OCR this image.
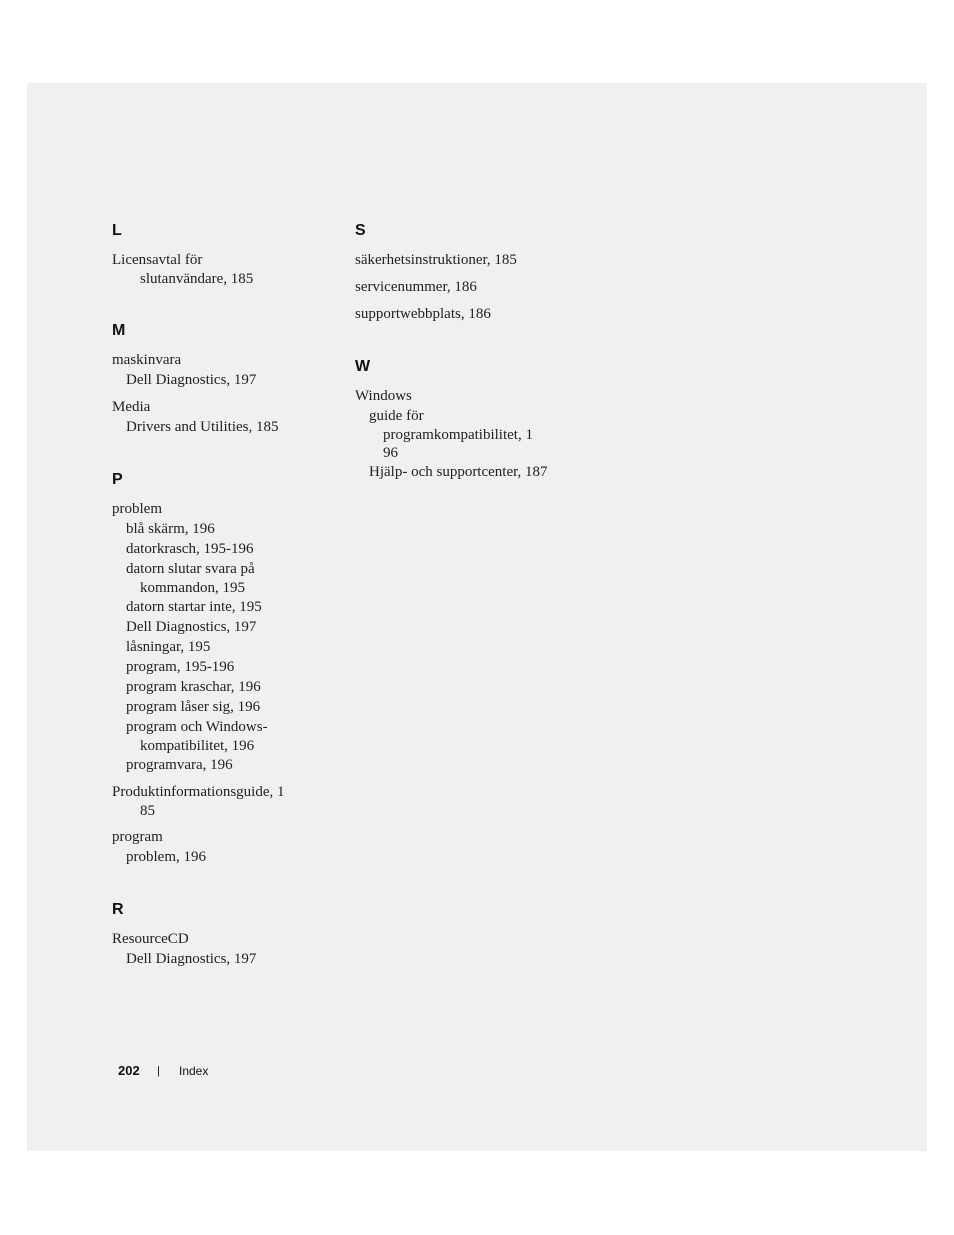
L
Licensavtal för
slutanvändare, 185
M
maskinvara
Dell Diagnostics, 197
Media
Drivers and Utilities, 185
P
problem
blå skärm, 196
datorkrasch, 195-196
datorn slutar svara på
kommandon, 195
datorn startar inte, 195
Dell Diagnostics, 197
låsningar, 195
program, 195-196
program kraschar, 196
program låser sig, 196
program och Windows-
kompatibilitet, 196
programvara, 196
Produktinformationsguide, 1
85
program
problem, 196
R
ResourceCD
Dell Diagnostics, 197
S
säkerhetsinstruktioner, 185
servicenummer, 186
supportwebbplats, 186
W
Windows
guide för
programkompatibilitet, 1
96
Hjälp- och supportcenter, 187
202 | Index
